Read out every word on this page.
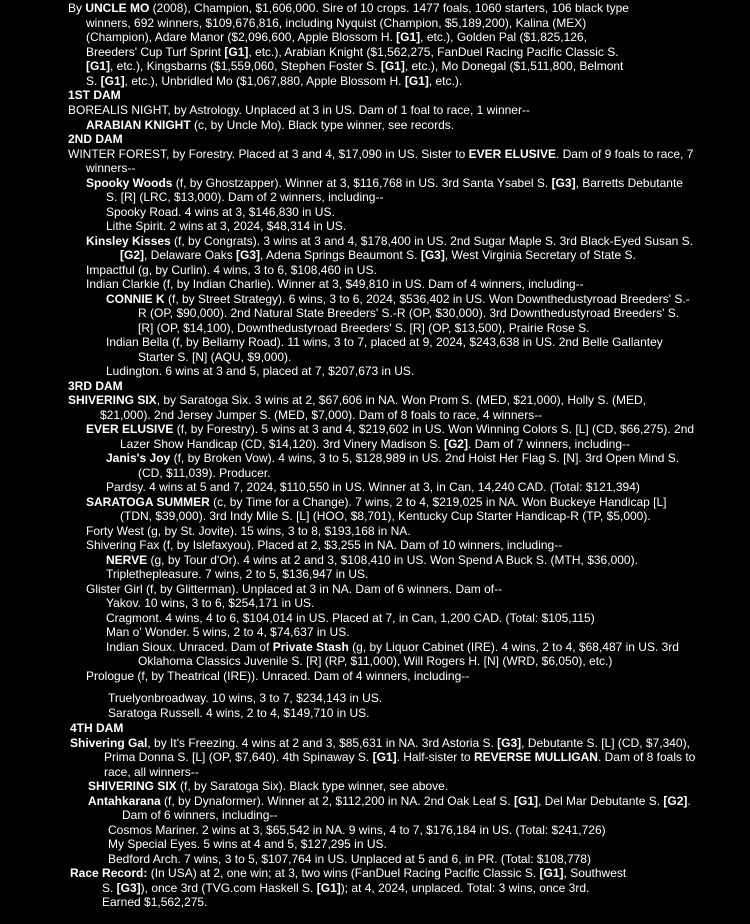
By UNCLE MO (2008), Champion, $1,606,000. Sire of 10 crops. 1477 foals, 1060 starters, 106 black type
winners, 692 winners, $109,676,816, including Nyquist (Champion, $5,189,200), Kalina (MEX)
(Champion), Adare Manor ($2,096,600, Apple Blossom H. [G1], etc.), Golden Pal ($1,825,126,
Breeders' Cup Turf Sprint [G1], etc.), Arabian Knight ($1,562,275, FanDuel Racing Pacific Classic S.
[G1], etc.), Kingsbarns ($1,559,060, Stephen Foster S. [G1], etc.), Mo Donegal ($1,511,800, Belmont
S. [G1], etc.), Unbridled Mo ($1,067,880, Apple Blossom H. [G1], etc.).
1ST DAM
BOREALIS NIGHT, by Astrology. Unplaced at 3 in US. Dam of 1 foal to race, 1 winner--
ARABIAN KNIGHT (c, by Uncle Mo). Black type winner, see records.
2ND DAM
WINTER FOREST, by Forestry. Placed at 3 and 4, $17,090 in US. Sister to EVER ELUSIVE. Dam of 9 foals to race, 7
winners--
Spooky Woods (f, by Ghostzapper). Winner at 3, $116,768 in US. 3rd Santa Ysabel S. [G3], Barretts Debutante
S. [R] (LRC, $13,000). Dam of 2 winners, including--
Spooky Road. 4 wins at 3, $146,830 in US.
Lithe Spirit. 2 wins at 3, 2024, $48,314 in US.
Kinsley Kisses (f, by Congrats). 3 wins at 3 and 4, $178,400 in US. 2nd Sugar Maple S. 3rd Black-Eyed Susan S.
[G2], Delaware Oaks [G3], Adena Springs Beaumont S. [G3], West Virginia Secretary of State S.
Impactful (g, by Curlin). 4 wins, 3 to 6, $108,460 in US.
Indian Clarkie (f, by Indian Charlie). Winner at 3, $49,810 in US. Dam of 4 winners, including--
CONNIE K (f, by Street Strategy). 6 wins, 3 to 6, 2024, $536,402 in US. Won Downthedustyroad Breeders' S.-
R (OP, $90,000). 2nd Natural State Breeders' S.-R (OP, $30,000). 3rd Downthedustyroad Breeders' S.
[R] (OP, $14,100), Downthedustyroad Breeders' S. [R] (OP, $13,500), Prairie Rose S.
Indian Bella (f, by Bellamy Road). 11 wins, 3 to 7, placed at 9, 2024, $243,638 in US. 2nd Belle Gallantey
Starter S. [N] (AQU, $9,000).
Ludington. 6 wins at 3 and 5, placed at 7, $207,673 in US.
3RD DAM
SHIVERING SIX, by Saratoga Six. 3 wins at 2, $67,606 in NA. Won Prom S. (MED, $21,000), Holly S. (MED,
$21,000). 2nd Jersey Jumper S. (MED, $7,000). Dam of 8 foals to race, 4 winners--
EVER ELUSIVE (f, by Forestry). 5 wins at 3 and 4, $219,602 in US. Won Winning Colors S. [L] (CD, $66,275). 2nd
Lazer Show Handicap (CD, $14,120). 3rd Vinery Madison S. [G2]. Dam of 7 winners, including--
Janis's Joy (f, by Broken Vow). 4 wins, 3 to 5, $128,989 in US. 2nd Hoist Her Flag S. [N]. 3rd Open Mind S.
(CD, $11,039). Producer.
Pardsy. 4 wins at 5 and 7, 2024, $110,550 in US. Winner at 3, in Can, 14,240 CAD. (Total: $121,394)
SARATOGA SUMMER (c, by Time for a Change). 7 wins, 2 to 4, $219,025 in NA. Won Buckeye Handicap [L]
(TDN, $39,000). 3rd Indy Mile S. [L] (HOO, $8,701), Kentucky Cup Starter Handicap-R (TP, $5,000).
Forty West (g, by St. Jovite). 15 wins, 3 to 8, $193,168 in NA.
Shivering Fax (f, by Islefaxyou). Placed at 2, $3,255 in NA. Dam of 10 winners, including--
NERVE (g, by Tour d'Or). 4 wins at 2 and 3, $108,410 in US. Won Spend A Buck S. (MTH, $36,000).
Triplethepleasure. 7 wins, 2 to 5, $136,947 in US.
Glister Girl (f, by Glitterman). Unplaced at 3 in NA. Dam of 6 winners. Dam of--
Yakov. 10 wins, 3 to 6, $254,171 in US.
Cragmont. 4 wins, 4 to 6, $104,014 in US. Placed at 7, in Can, 1,200 CAD. (Total: $105,115)
Man o' Wonder. 5 wins, 2 to 4, $74,637 in US.
Indian Sioux. Unraced. Dam of Private Stash (g, by Liquor Cabinet (IRE). 4 wins, 2 to 4, $68,487 in US. 3rd
Oklahoma Classics Juvenile S. [R] (RP, $11,000), Will Rogers H. [N] (WRD, $6,050), etc.)
Prologue (f, by Theatrical (IRE)). Unraced. Dam of 4 winners, including--
Truelyonbroadway. 10 wins, 3 to 7, $234,143 in US.
Saratoga Russell. 4 wins, 2 to 4, $149,710 in US.
4TH DAM
Shivering Gal, by It's Freezing. 4 wins at 2 and 3, $85,631 in NA. 3rd Astoria S. [G3], Debutante S. [L] (CD, $7,340),
Prima Donna S. [L] (OP, $7,640). 4th Spinaway S. [G1]. Half-sister to REVERSE MULLIGAN. Dam of 8 foals to
race, all winners--
SHIVERING SIX (f, by Saratoga Six). Black type winner, see above.
Antahkarana (f, by Dynaformer). Winner at 2, $112,200 in NA. 2nd Oak Leaf S. [G1], Del Mar Debutante S. [G2].
Dam of 6 winners, including--
Cosmos Mariner. 2 wins at 3, $65,542 in NA. 9 wins, 4 to 7, $176,184 in US. (Total: $241,726)
My Special Eyes. 5 wins at 4 and 5, $127,295 in US.
Bedford Arch. 7 wins, 3 to 5, $107,764 in US. Unplaced at 5 and 6, in PR. (Total: $108,778)
Race Record: (In USA) at 2, one win; at 3, two wins (FanDuel Racing Pacific Classic S. [G1], Southwest
S. [G3]), once 3rd (TVG.com Haskell S. [G1]); at 4, 2024, unplaced. Total: 3 wins, once 3rd.
Earned $1,562,275.
